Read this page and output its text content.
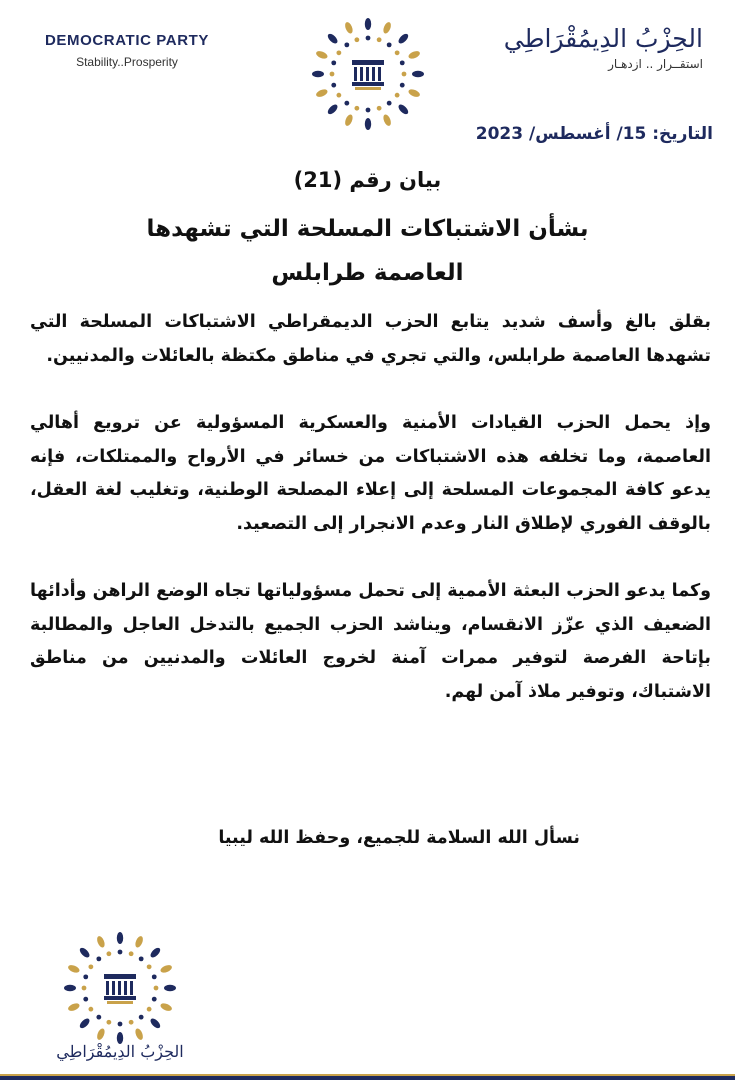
DEMOCRATIC PARTY
Stability..Prosperity
الحِزْبُ الدِيمُقْرَاطِي
استقــرار .. ازدهـار
التاريخ: 15/ أغسطس/ 2023
بيان رقم (21)
بشأن الاشتباكات المسلحة التي تشهدها
العاصمة طرابلس

بقلق بالغ وأسف شديد يتابع الحزب الديمقراطي الاشتباكات المسلحة التي تشهدها العاصمة طرابلس، والتي تجري في مناطق مكتظة بالعائلات والمدنيين.

وإذ يحمل الحزب القيادات الأمنية والعسكرية المسؤولية عن ترويع أهالي العاصمة، وما تخلفه هذه الاشتباكات من خسائر في الأرواح والممتلكات، فإنه يدعو كافة المجموعات المسلحة إلى إعلاء المصلحة الوطنية، وتغليب لغة العقل، بالوقف الفوري لإطلاق النار وعدم الانجرار إلى التصعيد.

وكما يدعو الحزب البعثة الأممية إلى تحمل مسؤولياتها تجاه الوضع الراهن وأدائها الضعيف الذي عزّز الانقسام، ويناشد الحزب الجميع بالتدخل العاجل والمطالبة بإتاحة الفرصة لتوفير ممرات آمنة لخروج العائلات والمدنيين من مناطق الاشتباك، وتوفير ملاذ آمن لهم.

نسأل الله السلامة للجميع، وحفظ الله ليبيا
الحِزْبُ الدِيمُقْرَاطِي
